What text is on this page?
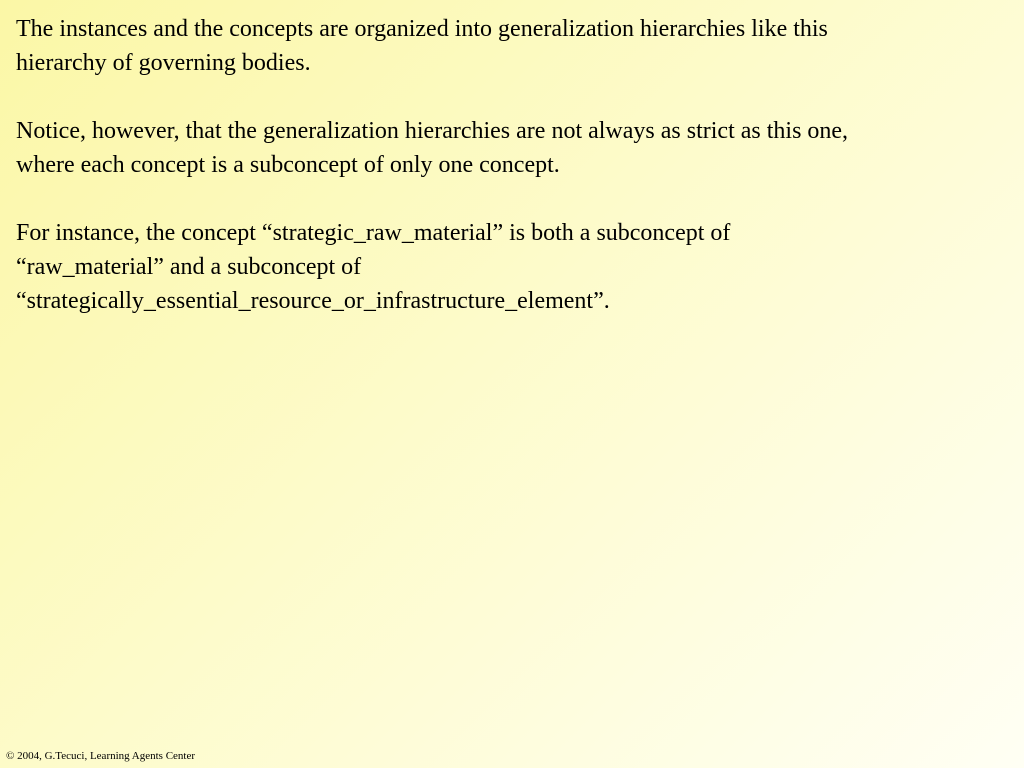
The instances and the concepts are organized into generalization hierarchies like this
hierarchy of governing bodies.

Notice, however, that the generalization hierarchies are not always as strict as this one,
where each concept is a subconcept of only one concept.

For instance, the concept “strategic_raw_material” is both a subconcept of
“raw_material” and a subconcept of
“strategically_essential_resource_or_infrastructure_element”.

© 2004, G.Tecuci, Learning Agents Center
